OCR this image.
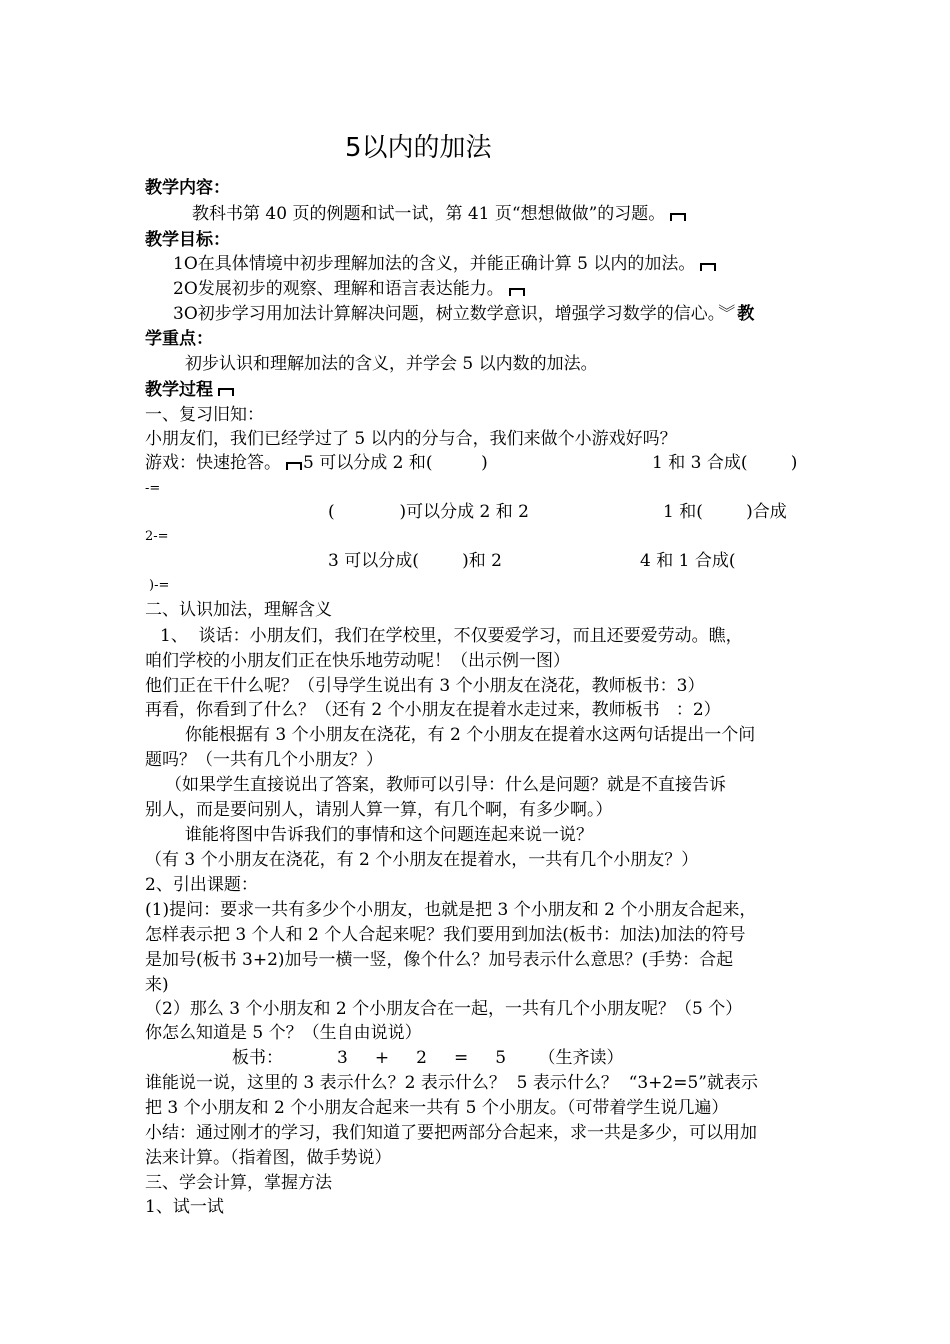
5以内的加法
教学内容：
教科书第 40 页的例题和试一试，第 41 页“想想做做”的习题。
教学目标：
1O在具体情境中初步理解加法的含义，并能正确计算 5 以内的加法。
2O发展初步的观察、理解和语言表达能力。
3O初步学习用加法计算解决问题，树立数学意识，增强学习数学的信心。 ︾ 教
学重点：
初步认识和理解加法的含义，并学会 5 以内数的加法。
教学过程
一、复习旧知：
小朋友们，我们已经学过了 5 以内的分与合，我们来做个小游戏好吗？
游戏：快速抢答。 5 可以分成 2 和(         )	1 和 3 合成(        )
-=
(            )可以分成 2 和 2	1 和(        )合成
2-=
3 可以分成(        )和 2	4 和 1 合成(
)-=
二、认识加法，理解含义
1、  谈话：小朋友们，我们在学校里，不仅要爱学习，而且还要爱劳动。瞧，
咱们学校的小朋友们正在快乐地劳动呢！（出示例一图）
他们正在干什么呢？（引导学生说出有 3 个小朋友在浇花，教师板书：3）
再看，你看到了什么？（还有 2 个小朋友在提着水走过来，教师板书   ：2）
你能根据有 3 个小朋友在浇花，有 2 个小朋友在提着水这两句话提出一个问
题吗？（一共有几个小朋友？）
（如果学生直接说出了答案，教师可以引导：什么是问题？就是不直接告诉
别人，而是要问别人，请别人算一算，有几个啊，有多少啊。）
谁能将图中告诉我们的事情和这个问题连起来说一说？
（有 3 个小朋友在浇花，有 2 个小朋友在提着水，一共有几个小朋友？）
2、引出课题：
(1)提问：要求一共有多少个小朋友，也就是把 3 个小朋友和 2 个小朋友合起来，
怎样表示把 3 个人和 2 个人合起来呢？我们要用到加法(板书：加法)加法的符号
是加号(板书 3+2)加号一横一竖，像个什么？加号表示什么意思？(手势：合起
来)
（2）那么 3 个小朋友和 2 个小朋友合在一起，一共有几个小朋友呢？（5 个）
你怎么知道是 5 个？（生自由说说）
板书：          3     +     2     =     5      （生齐读）
谁能说一说，这里的 3 表示什么？2 表示什么？  5 表示什么？  “3+2=5”就表示
把 3 个小朋友和 2 个小朋友合起来一共有 5 个小朋友。（可带着学生说几遍）
小结：通过刚才的学习，我们知道了要把两部分合起来，求一共是多少，可以用加
法来计算。（指着图，做手势说）
三、学会计算，掌握方法
1、试一试
